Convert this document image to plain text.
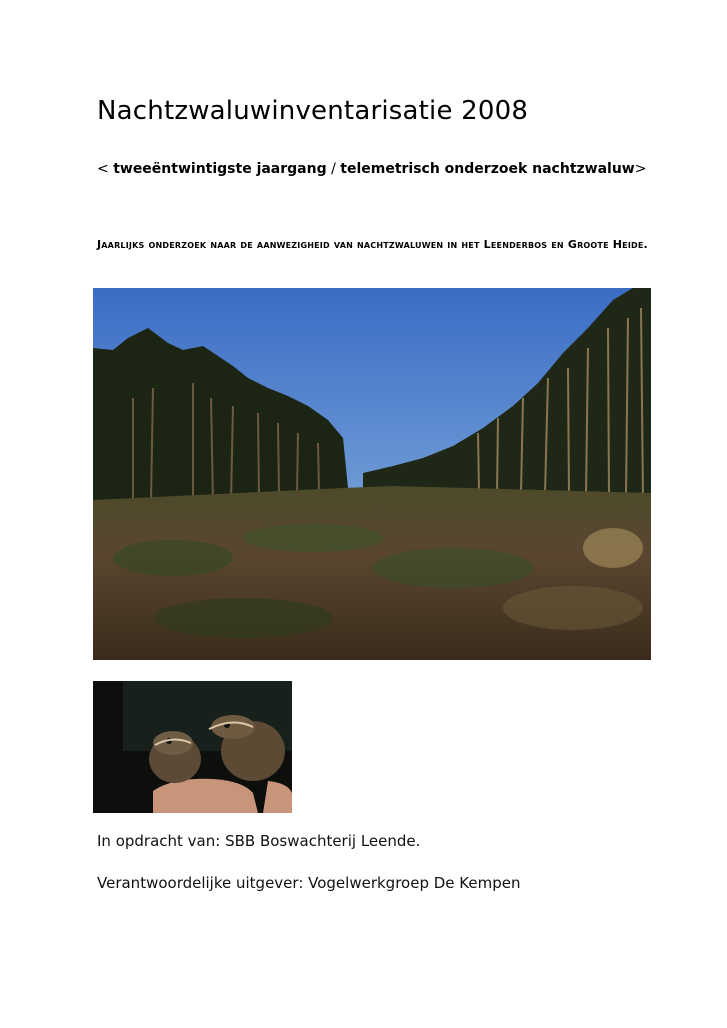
Nachtzwaluwinventarisatie 2008

< tweeëntwintigste jaargang / telemetrisch onderzoek nachtzwaluw>

Jaarlijks onderzoek naar de aanwezigheid van nachtzwaluwen in het Leenderbos en Groote Heide.

In opdracht van: SBB Boswachterij Leende.

Verantwoordelijke uitgever: Vogelwerkgroep De Kempen
